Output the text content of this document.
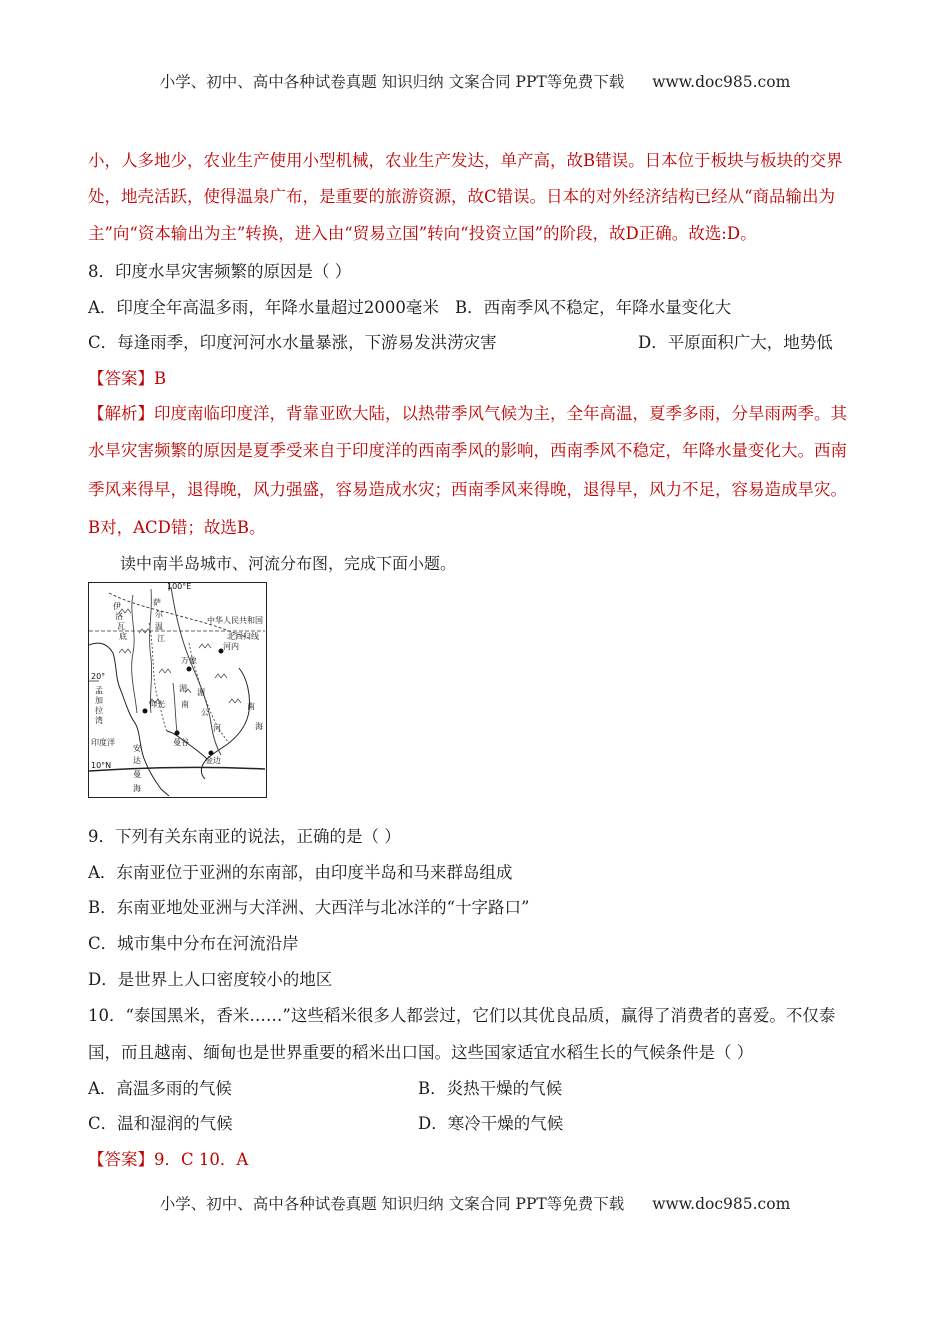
小学、初中、高中各种试卷真题 知识归纳 文案合同 PPT等免费下载 www.doc985.com
小，人多地少，农业生产使用小型机械，农业生产发达，单产高，故B错误。日本位于板块与板块的交界
处，地壳活跃，使得温泉广布，是重要的旅游资源，故C错误。日本的对外经济结构已经从“商品输出为
主”向“资本输出为主”转换，进入由“贸易立国”转向“投资立国”的阶段，故D正确。故选:D。
8．印度水旱灾害频繁的原因是（ ）
A．印度全年高温多雨，年降水量超过2000毫米 B．西南季风不稳定，年降水量变化大
C．每逢雨季，印度河河水水量暴涨，下游易发洪涝灾害	D．平原面积广大，地势低
【答案】B
【解析】印度南临印度洋，背靠亚欧大陆，以热带季风气候为主，全年高温，夏季多雨，分旱雨两季。其
水旱灾害频繁的原因是夏季受来自于印度洋的西南季风的影响，西南季风不稳定，年降水量变化大。西南
季风来得早，退得晚，风力强盛，容易造成水灾；西南季风来得晚，退得早，风力不足，容易造成旱灾。
B对，ACD错；故选B。
读中南半岛城市、河流分布图，完成下面小题。
100°E
中华人民共和国
北回归线
20°
10°N
印度洋
河内
万象
仰光
曼谷
金边
孟
加
拉
湾
安
达
曼
海
南
海
湄
公
河
伊
洛
瓦
底
萨
尔
温
江
湄
南
9．下列有关东南亚的说法，正确的是（ ）
A．东南亚位于亚洲的东南部，由印度半岛和马来群岛组成
B．东南亚地处亚洲与大洋洲、大西洋与北冰洋的“十字路口”
C．城市集中分布在河流沿岸
D．是世界上人口密度较小的地区
10．“泰国黑米，香米……”这些稻米很多人都尝过，它们以其优良品质，赢得了消费者的喜爱。不仅泰
国，而且越南、缅甸也是世界重要的稻米出口国。这些国家适宜水稻生长的气候条件是（ ）
A．高温多雨的气候	B．炎热干燥的气候
C．温和湿润的气候	D．寒冷干燥的气候
【答案】9．C 10．A
小学、初中、高中各种试卷真题 知识归纳 文案合同 PPT等免费下载 www.doc985.com
